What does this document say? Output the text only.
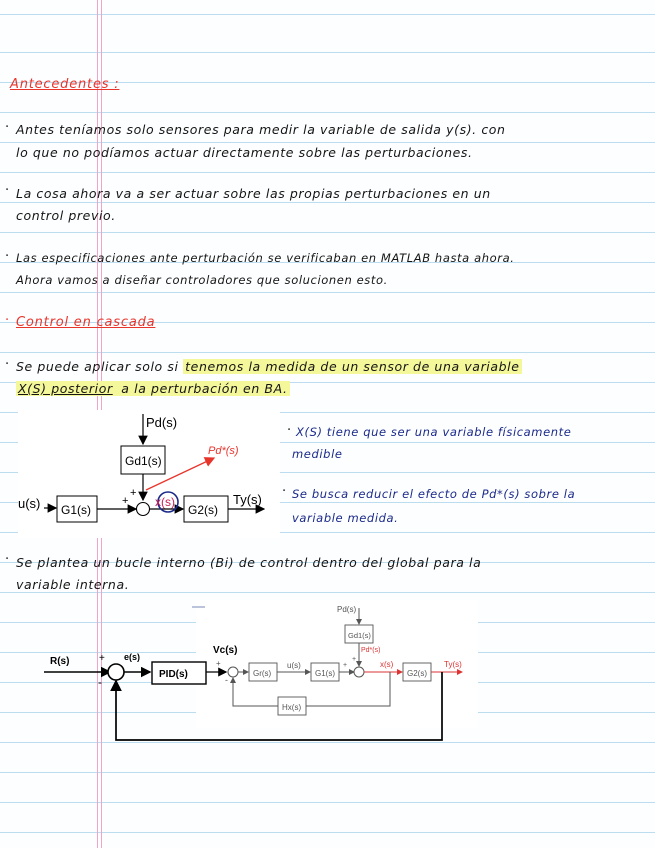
Antecedentes :
· Antes teníamos solo sensores para medir la variable de salida y(s). con
lo que no podíamos actuar directamente sobre las perturbaciones.
· La cosa ahora va a ser actuar sobre las propias perturbaciones en un
control previo.
· Las especificaciones ante perturbación se verificaban en MATLAB hasta ahora.
Ahora vamos a diseñar controladores que solucionen esto.
· Control en cascada
· Se puede aplicar solo si tenemos la medida de un sensor de una variable
X(S) posterior a la perturbación en BA.
Pd(s)
Gd1(s)
Pd*(s)
u(s) G1(s)
+
+
x(s)
G2(s)
Ty(s)
· X(S) tiene que ser una variable físicamente
medible
· Se busca reducir el efecto de Pd*(s) sobre la
variable medida.
· Se plantea un bucle interno (Bi) de control dentro del global para la
variable interna.
R(s)	+
-
e(s)
PID(s)
Vc(s)
+
-
Gr(s)
u(s)
G1(s)
+
Pd(s)
Gd1(s)
Pd*(s)
+
x(s)
G2(s)
Ty(s)
Hx(s)
